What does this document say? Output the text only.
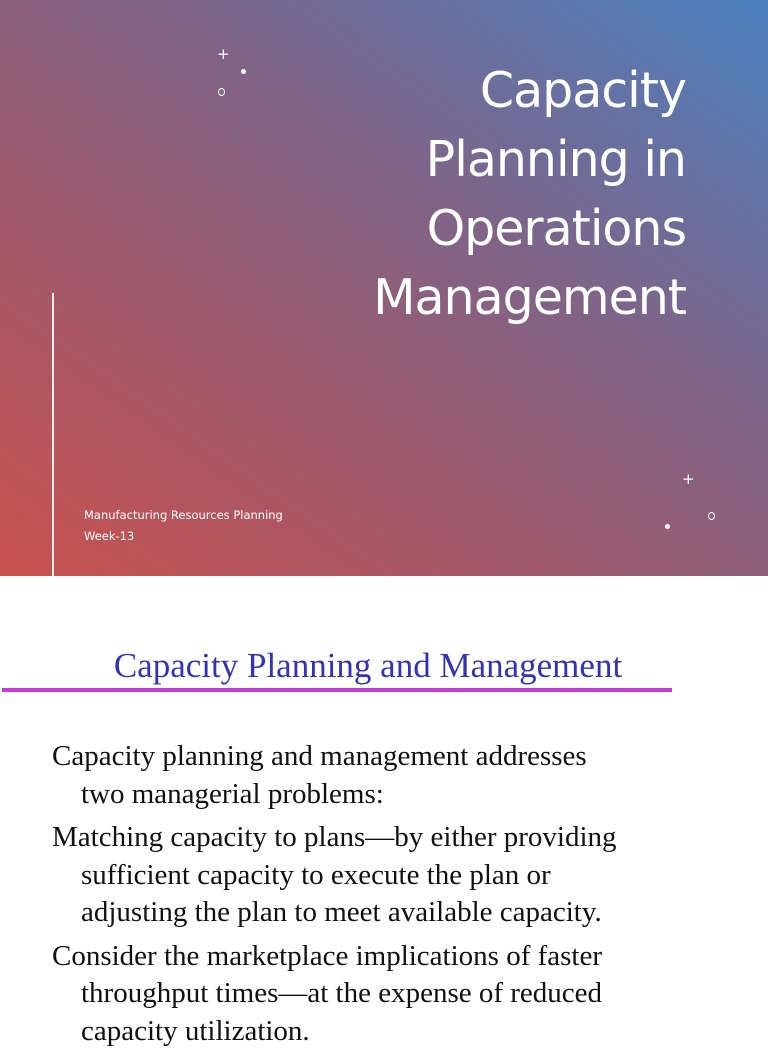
+
Capacity
Planning in
Operations
Management
Manufacturing Resources Planning
Week-13
+
Capacity Planning and Management
Capacity planning and management addresses
two managerial problems:
Matching capacity to plans—by either providing
sufficient capacity to execute the plan or
adjusting the plan to meet available capacity.
Consider the marketplace implications of faster
throughput times—at the expense of reduced
capacity utilization.
